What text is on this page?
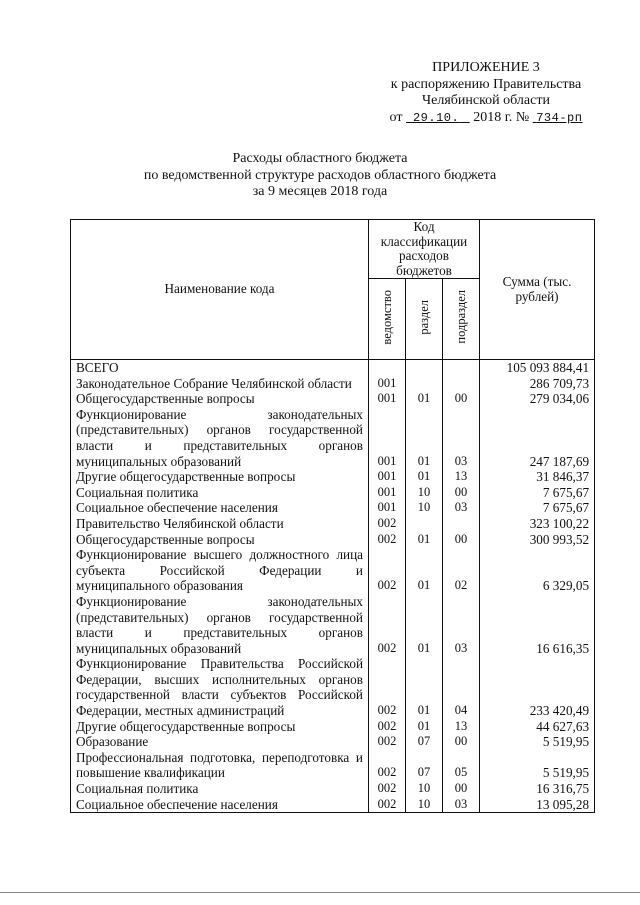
ПРИЛОЖЕНИЕ 3
к распоряжению Правительства
Челябинской области
от 29.10. 2018 г. № 734-рп
Расходы областного бюджета
по ведомственной структуре расходов областного бюджета
за 9 месяцев 2018 года
Наименование кода	Код классификации расходов бюджетов			Сумма (тыс. рублей)
	ведомство	раздел	подраздел	
ВСЕГО				105 093 884,41
Законодательное Собрание Челябинской области	001			286 709,73
Общегосударственные вопросы	001	01	00	279 034,06
Функционирование законодательных (представительных) органов государственной власти и представительных органов муниципальных образований	001	01	03	247 187,69
Другие общегосударственные вопросы	001	01	13	31 846,37
Социальная политика	001	10	00	7 675,67
Социальное обеспечение населения	001	10	03	7 675,67
Правительство Челябинской области	002			323 100,22
Общегосударственные вопросы	002	01	00	300 993,52
Функционирование высшего должностного лица субъекта Российской Федерации и муниципального образования	002	01	02	6 329,05
Функционирование законодательных (представительных) органов государственной власти и представительных органов муниципальных образований	002	01	03	16 616,35
Функционирование Правительства Российской Федерации, высших исполнительных органов государственной власти субъектов Российской Федерации, местных администраций	002	01	04	233 420,49
Другие общегосударственные вопросы	002	01	13	44 627,63
Образование	002	07	00	5 519,95
Профессиональная подготовка, переподготовка и повышение квалификации	002	07	05	5 519,95
Социальная политика	002	10	00	16 316,75
Социальное обеспечение населения	002	10	03	13 095,28
